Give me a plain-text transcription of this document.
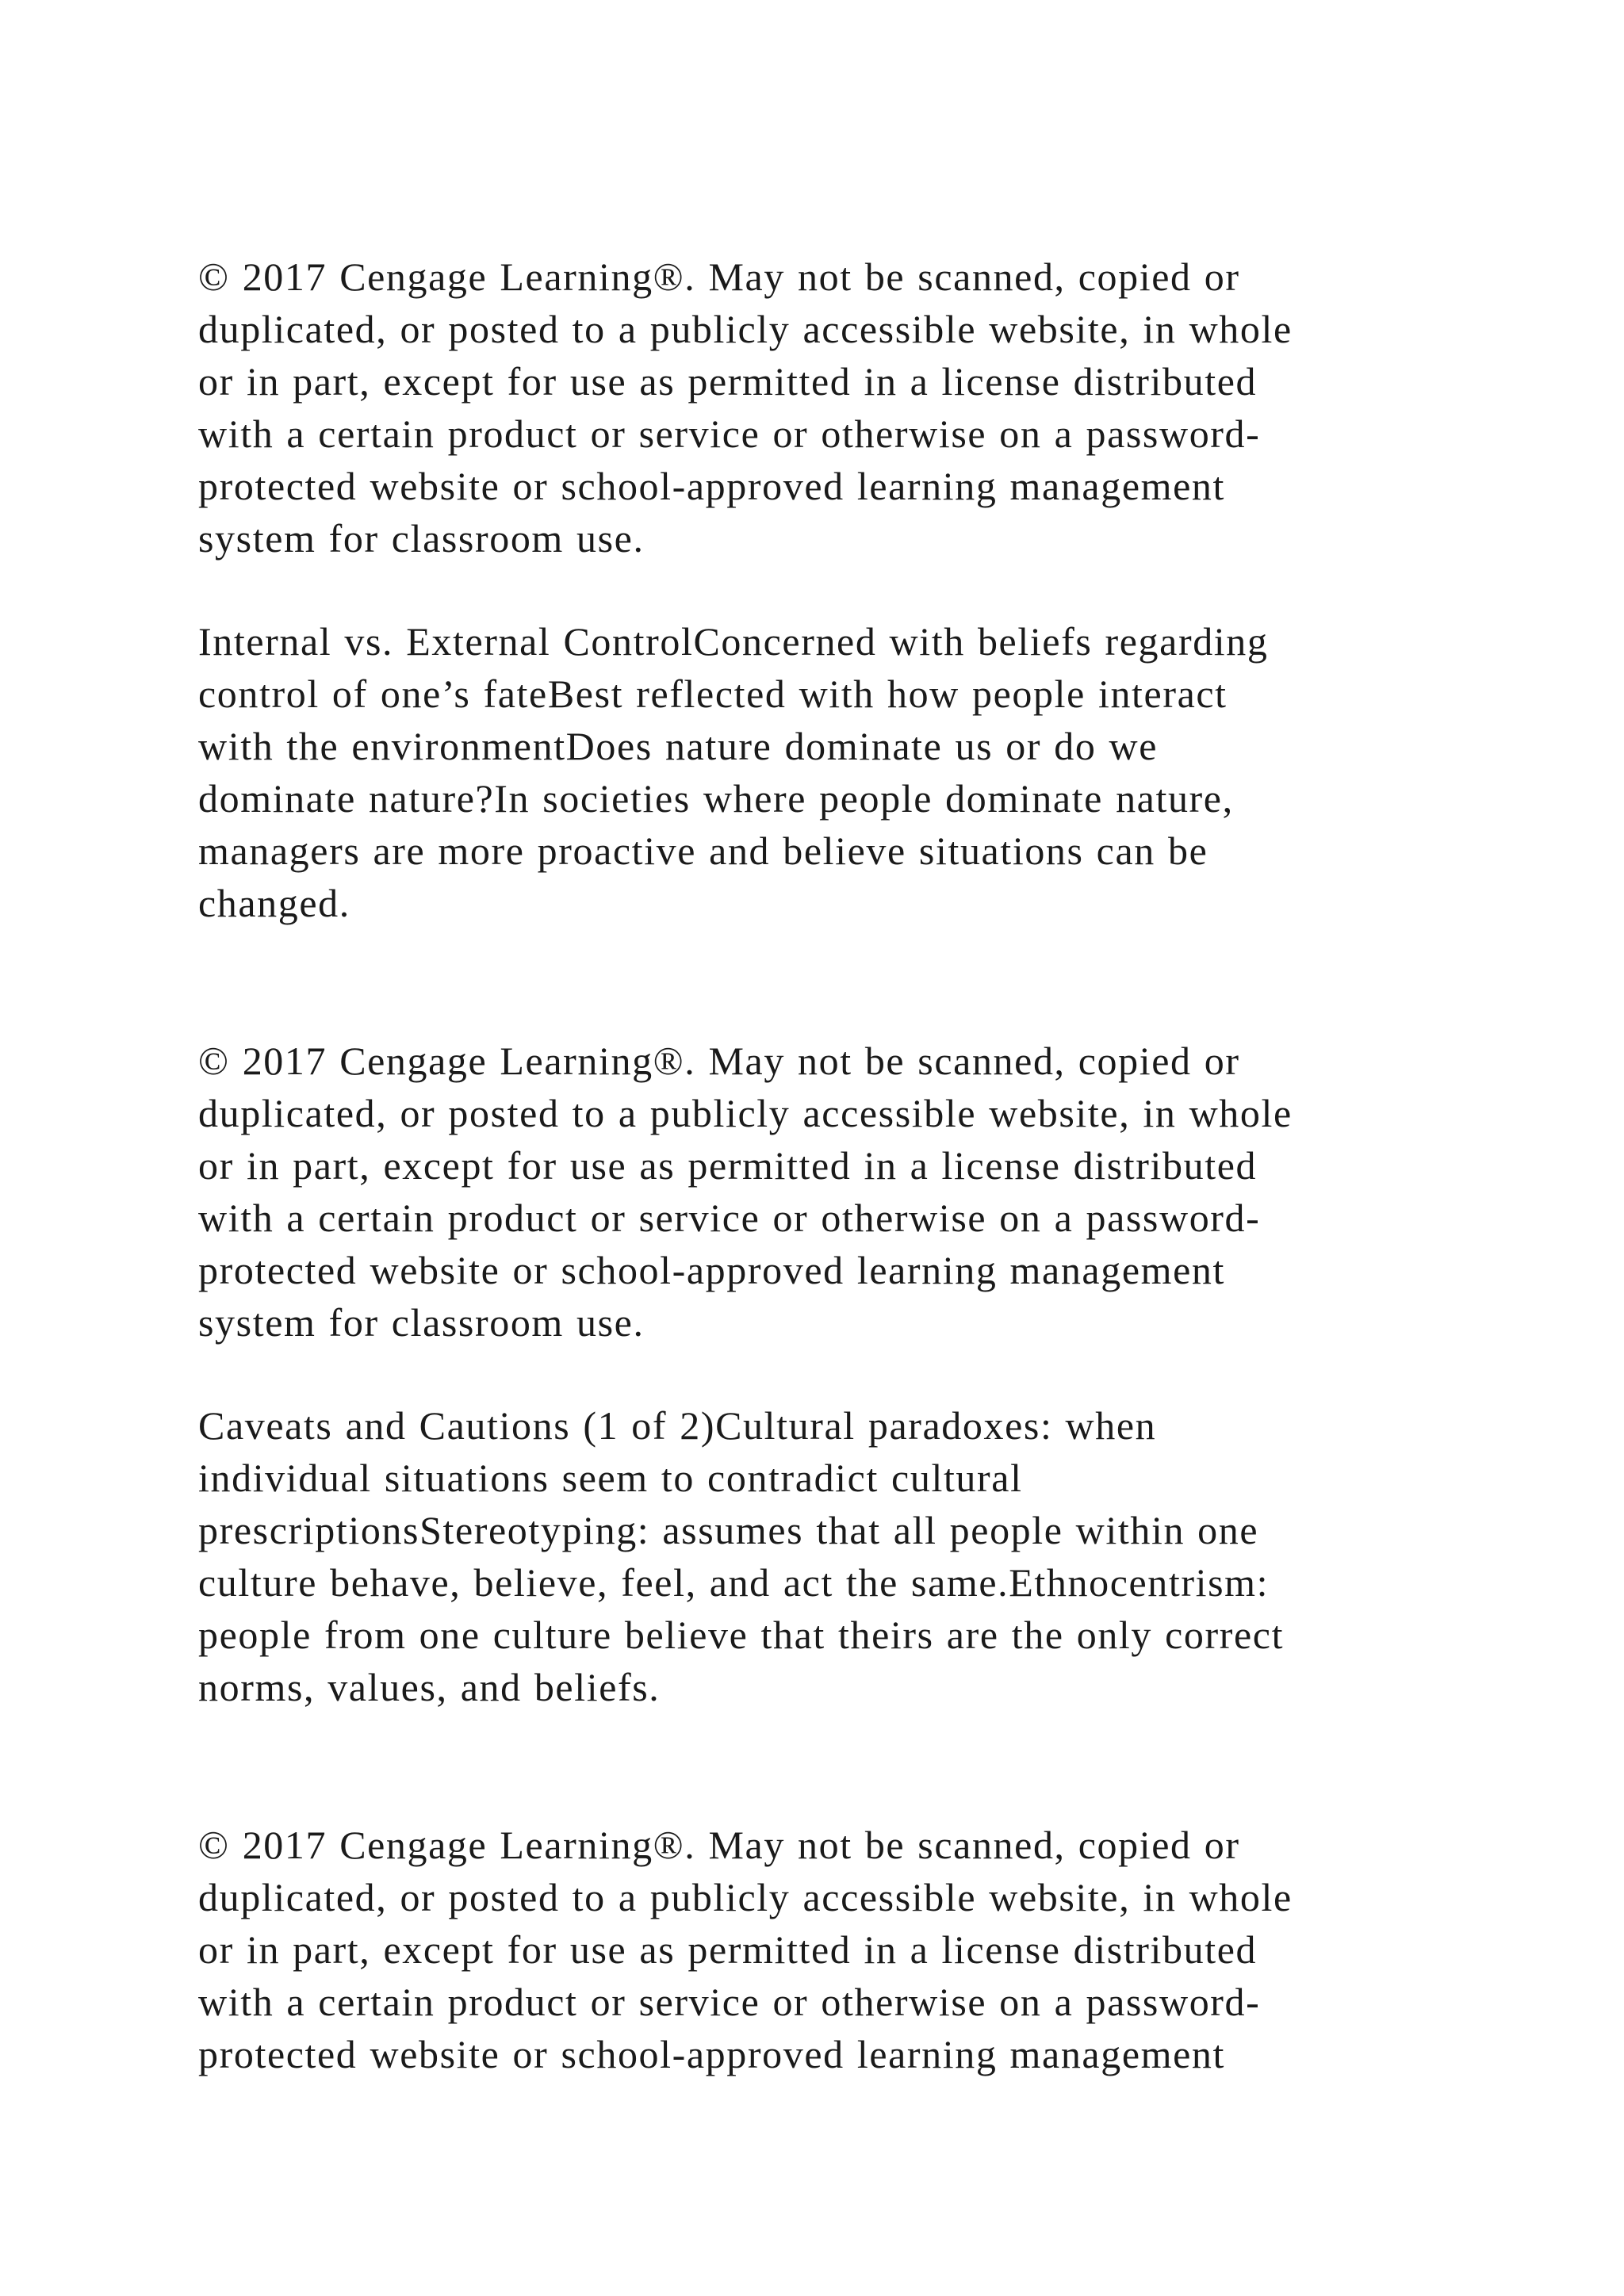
© 2017 Cengage Learning®. May not be scanned, copied or
duplicated, or posted to a publicly accessible website, in whole
or in part, except for use as permitted in a license distributed
with a certain product or service or otherwise on a password-
protected website or school-approved learning management
system for classroom use.

Internal vs. External ControlConcerned with beliefs regarding
control of one’s fateBest reflected with how people interact
with the environmentDoes nature dominate us or do we
dominate nature?In societies where people dominate nature,
managers are more proactive and believe situations can be
changed.

© 2017 Cengage Learning®. May not be scanned, copied or
duplicated, or posted to a publicly accessible website, in whole
or in part, except for use as permitted in a license distributed
with a certain product or service or otherwise on a password-
protected website or school-approved learning management
system for classroom use.

Caveats and Cautions (1 of 2)Cultural paradoxes: when
individual situations seem to contradict cultural
prescriptionsStereotyping: assumes that all people within one
culture behave, believe, feel, and act the same.Ethnocentrism:
people from one culture believe that theirs are the only correct
norms, values, and beliefs.

© 2017 Cengage Learning®. May not be scanned, copied or
duplicated, or posted to a publicly accessible website, in whole
or in part, except for use as permitted in a license distributed
with a certain product or service or otherwise on a password-
protected website or school-approved learning management
